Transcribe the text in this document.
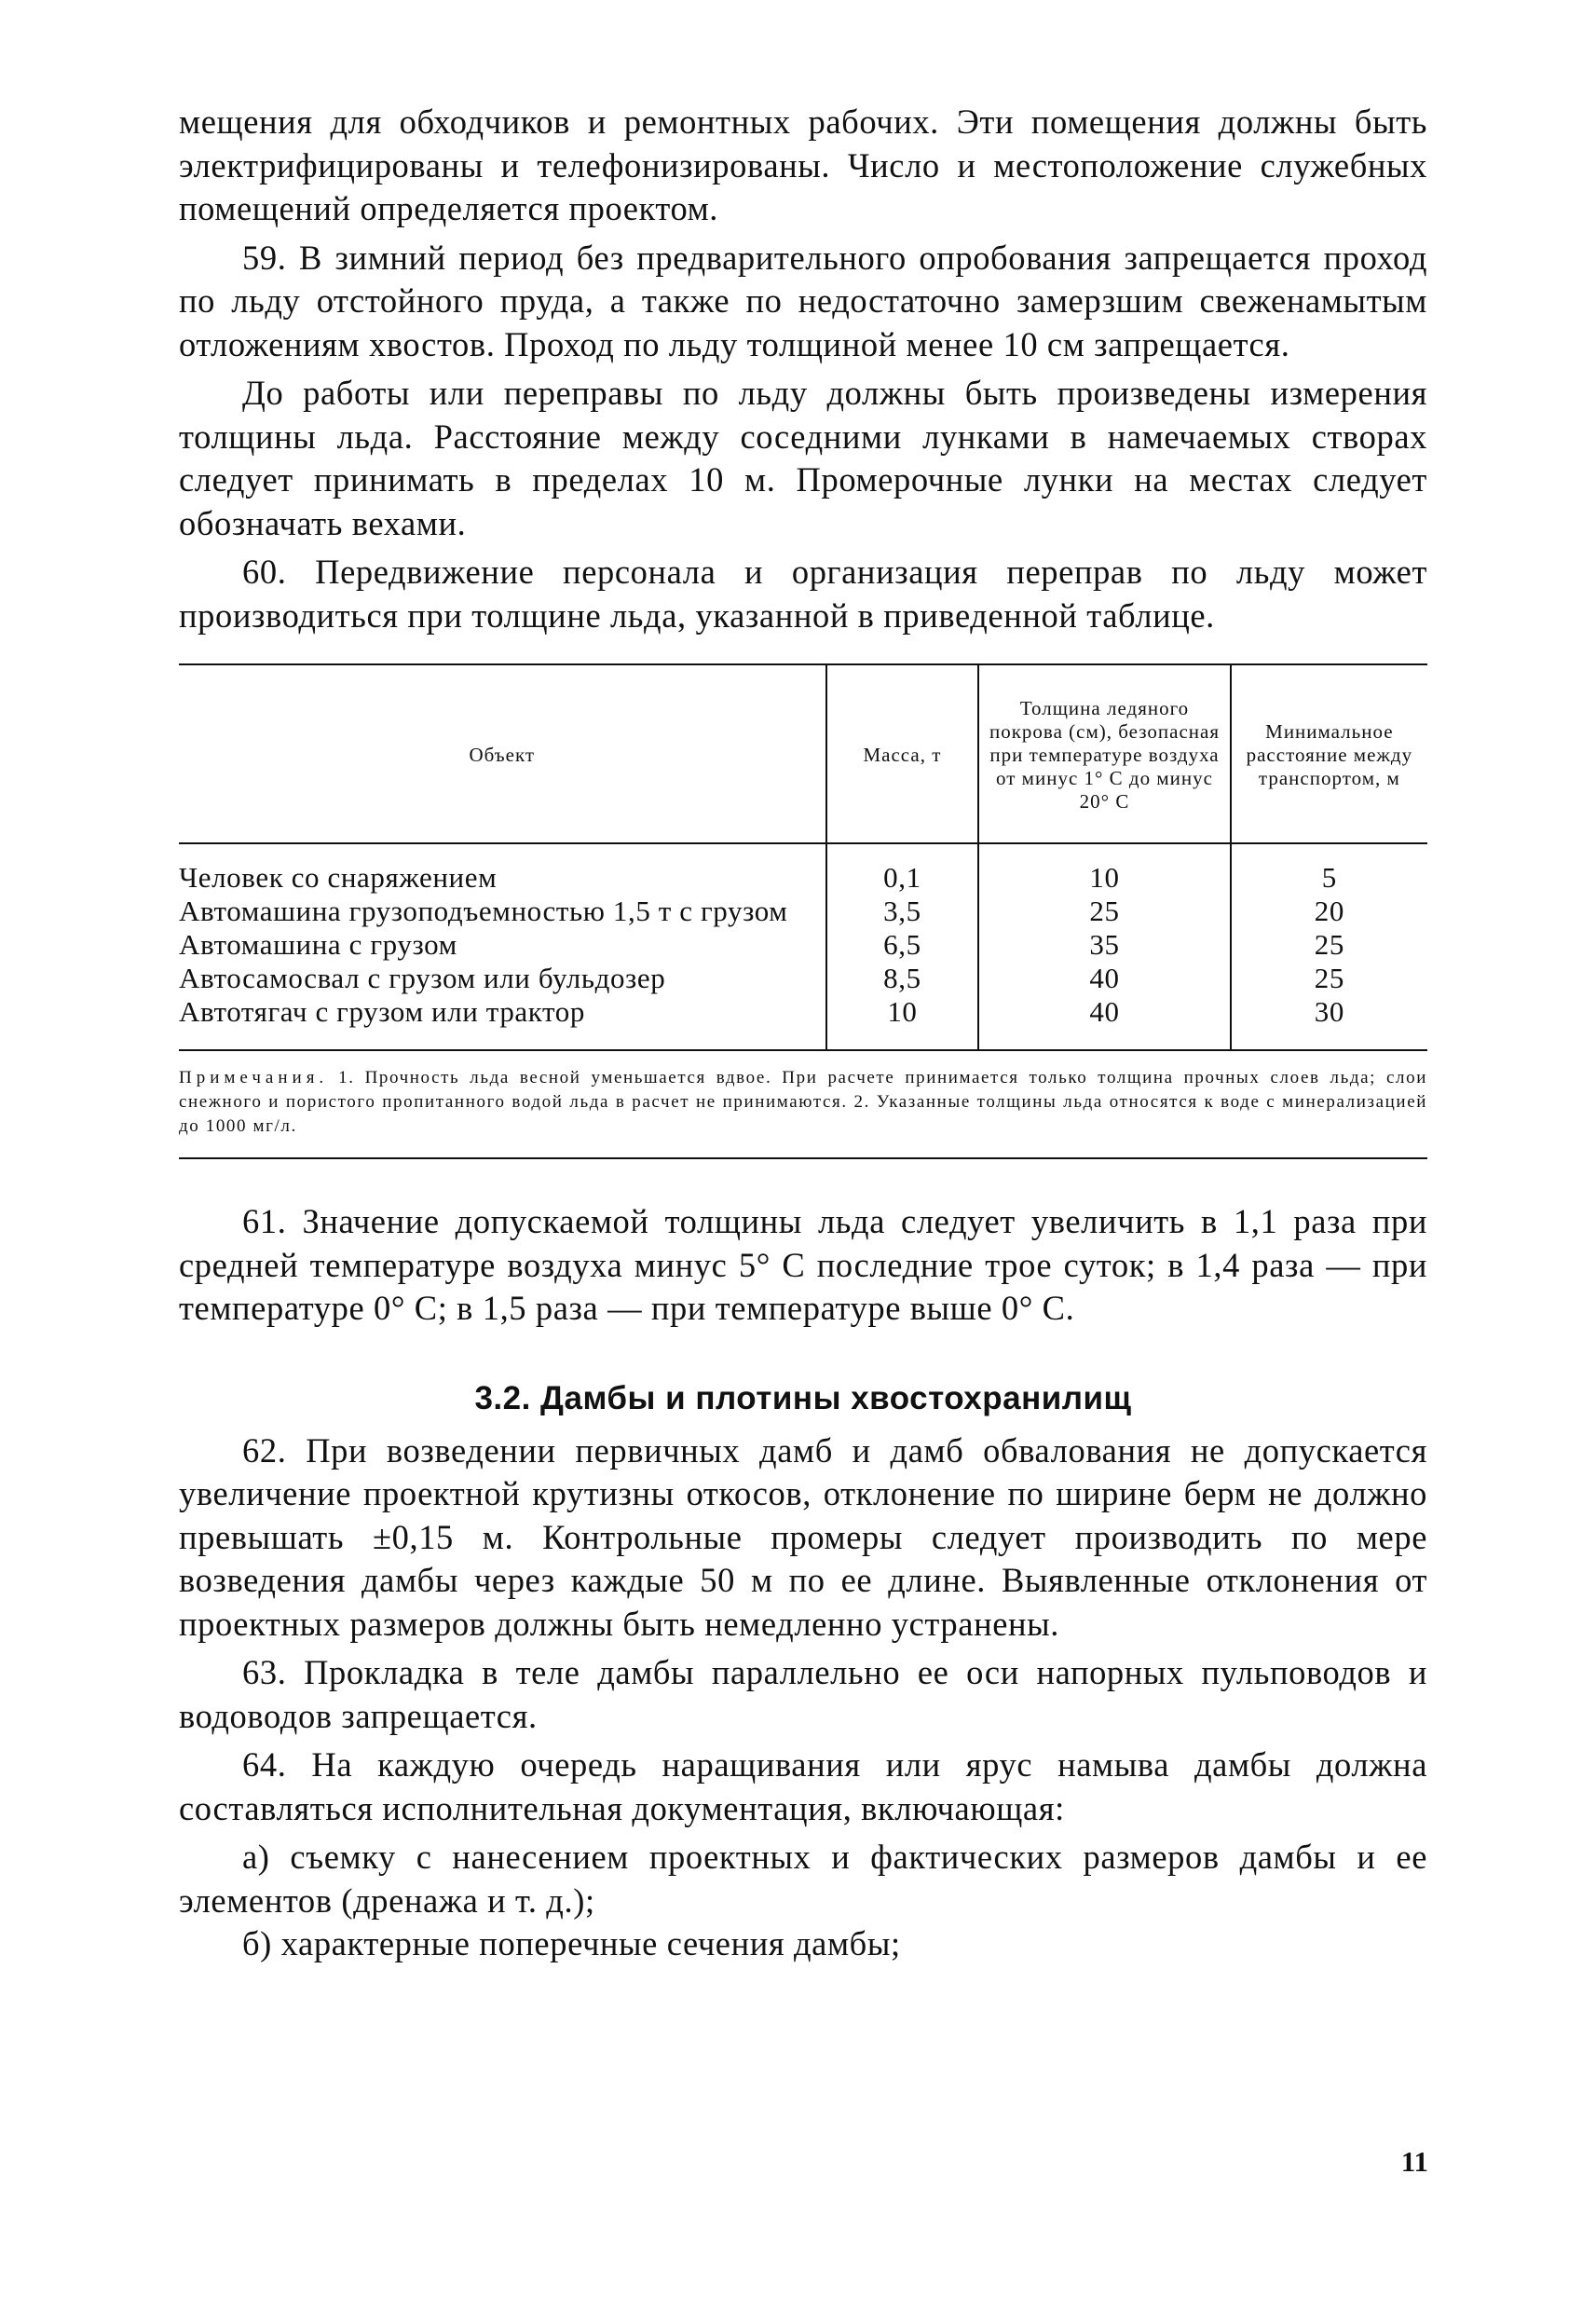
мещения для обходчиков и ремонтных рабочих. Эти помещения должны быть электрифицированы и телефонизированы. Число и местоположение служебных помещений определяется проектом.

59. В зимний период без предварительного опробования запрещается проход по льду отстойного пруда, а также по недостаточно замерзшим свеженамытым отложениям хвостов. Проход по льду толщиной менее 10 см запрещается.

До работы или переправы по льду должны быть произведены измерения толщины льда. Расстояние между соседними лунками в намечаемых створах следует принимать в пределах 10 м. Промерочные лунки на местах следует обозначать вехами.

60. Передвижение персонала и организация переправ по льду может производиться при толщине льда, указанной в приведенной таблице.

Объект	Масса, т	Толщина ледяного покрова (см), безопасная при температуре воздуха от минус 1° С до минус 20° С	Минимальное расстояние между транспортом, м
Человек со снаряжением	0,1	10	5
Автомашина грузоподъемностью 1,5 т с грузом	3,5	25	20
Автомашина с грузом	6,5	35	25
Автосамосвал с грузом или бульдозер	8,5	40	25
Автотягач с грузом или трактор	10	40	30
Примечания. 1. Прочность льда весной уменьшается вдвое. При расчете принимается только толщина прочных слоев льда; слои снежного и пористого пропитанного водой льда в расчет не принимаются. 2. Указанные толщины льда относятся к воде с минерализацией до 1000 мг/л.

61. Значение допускаемой толщины льда следует увеличить в 1,1 раза при средней температуре воздуха минус 5° С последние трое суток; в 1,4 раза — при температуре 0° С; в 1,5 раза — при температуре выше 0° С.

3.2. Дамбы и плотины хвостохранилищ

62. При возведении первичных дамб и дамб обвалования не допускается увеличение проектной крутизны откосов, отклонение по ширине берм не должно превышать ±0,15 м. Контрольные промеры следует производить по мере возведения дамбы через каждые 50 м по ее длине. Выявленные отклонения от проектных размеров должны быть немедленно устранены.

63. Прокладка в теле дамбы параллельно ее оси напорных пульповодов и водоводов запрещается.

64. На каждую очередь наращивания или ярус намыва дамбы должна составляться исполнительная документация, включающая:

а) съемку с нанесением проектных и фактических размеров дамбы и ее элементов (дренажа и т. д.);

б) характерные поперечные сечения дамбы;

11
